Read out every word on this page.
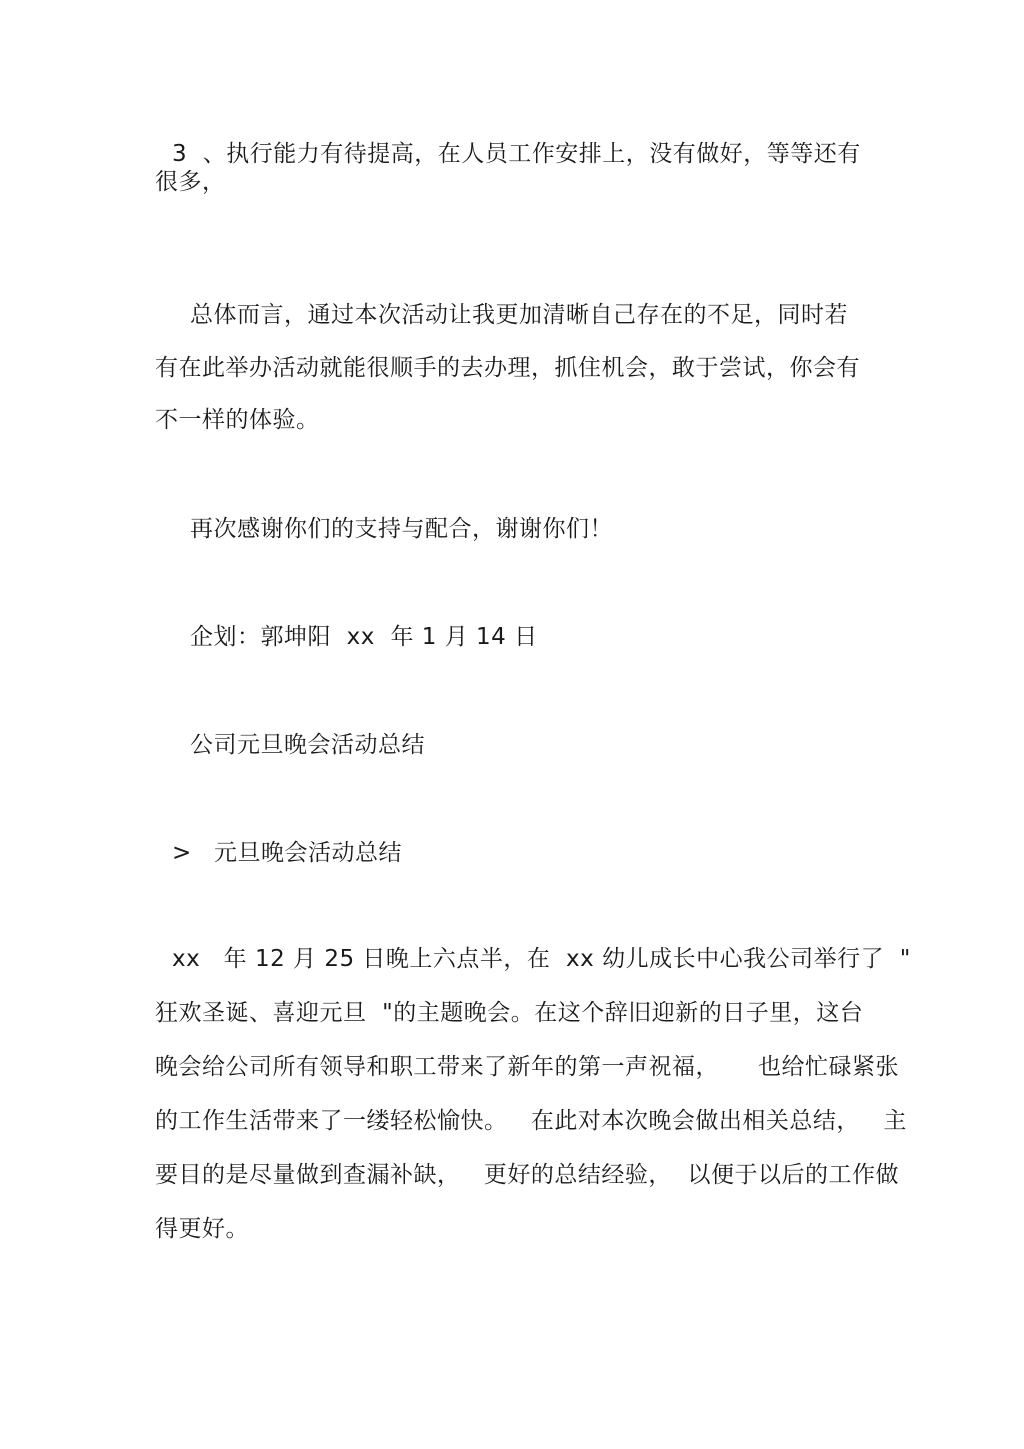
3  、执行能力有待提高，在人员工作安排上，没有做好，等等还有
很多，
总体而言，通过本次活动让我更加清晰自己存在的不足，同时若
有在此举办活动就能很顺手的去办理，抓住机会，敢于尝试，你会有
不一样的体验。
再次感谢你们的支持与配合，谢谢你们！
企划：郭坤阳  xx  年 1 月 14 日
公司元旦晚会活动总结
> 元旦晚会活动总结
xx   年 12 月 25 日晚上六点半，在  xx 幼儿成长中心我公司举行了  "
狂欢圣诞、喜迎元旦  "的主题晚会。在这个辞旧迎新的日子里，这台
晚会给公司所有领导和职工带来了新年的第一声祝福，     也给忙碌紧张
的工作生活带来了一缕轻松愉快。   在此对本次晚会做出相关总结，   主
要目的是尽量做到查漏补缺，   更好的总结经验，  以便于以后的工作做
得更好。
